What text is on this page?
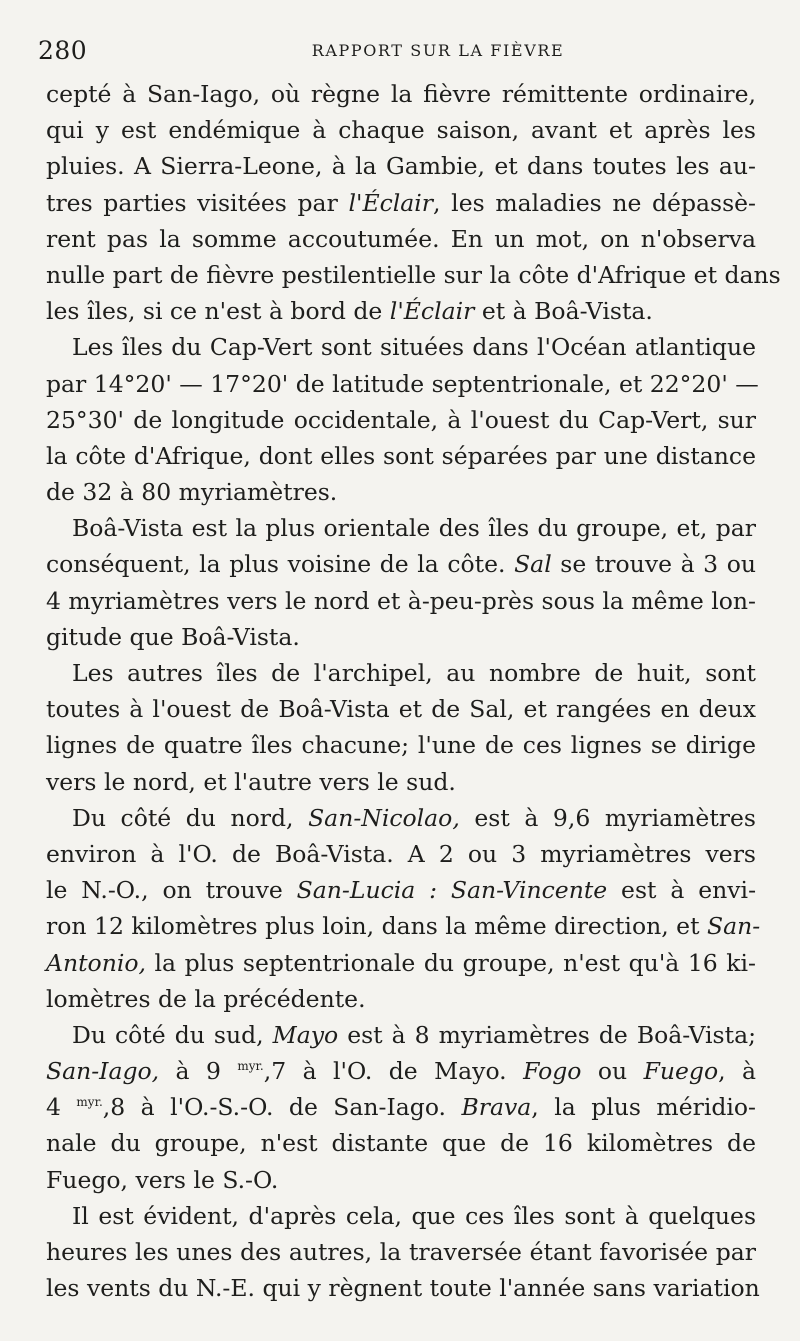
280	RAPPORT SUR LA FIÈVRE
cepté à San-Iago, où règne la fièvre rémittente ordinaire,
qui y est endémique à chaque saison, avant et après les
pluies. A Sierra-Leone, à la Gambie, et dans toutes les au-
tres parties visitées par l'Éclair, les maladies ne dépassè-
rent pas la somme accoutumée. En un mot, on n'observa
nulle part de fièvre pestilentielle sur la côte d'Afrique et dans
les îles, si ce n'est à bord de l'Éclair et à Boâ-Vista.
Les îles du Cap-Vert sont situées dans l'Océan atlantique
par 14°20' — 17°20' de latitude septentrionale, et 22°20' —
25°30' de longitude occidentale, à l'ouest du Cap-Vert, sur
la côte d'Afrique, dont elles sont séparées par une distance
de 32 à 80 myriamètres.
Boâ-Vista est la plus orientale des îles du groupe, et, par
conséquent, la plus voisine de la côte. Sal se trouve à 3 ou
4 myriamètres vers le nord et à-peu-près sous la même lon-
gitude que Boâ-Vista.
Les autres îles de l'archipel, au nombre de huit, sont
toutes à l'ouest de Boâ-Vista et de Sal, et rangées en deux
lignes de quatre îles chacune; l'une de ces lignes se dirige
vers le nord, et l'autre vers le sud.
Du côté du nord, San-Nicolao, est à 9,6 myriamètres
environ à l'O. de Boâ-Vista. A 2 ou 3 myriamètres vers
le N.-O., on trouve San-Lucia : San-Vincente est à envi-
ron 12 kilomètres plus loin, dans la même direction, et San-
Antonio, la plus septentrionale du groupe, n'est qu'à 16 ki-
lomètres de la précédente.
Du côté du sud, Mayo est à 8 myriamètres de Boâ-Vista;
San-Iago, à 9 $^{myr.}$,7 à l'O. de Mayo. Fogo ou Fuego, à
4 $^{myr.}$,8 à l'O.-S.-O. de San-Iago. Brava, la plus méridio-
nale du groupe, n'est distante que de 16 kilomètres de
Fuego, vers le S.-O.
Il est évident, d'après cela, que ces îles sont à quelques
heures les unes des autres, la traversée étant favorisée par
les vents du N.-E. qui y règnent toute l'année sans variation
